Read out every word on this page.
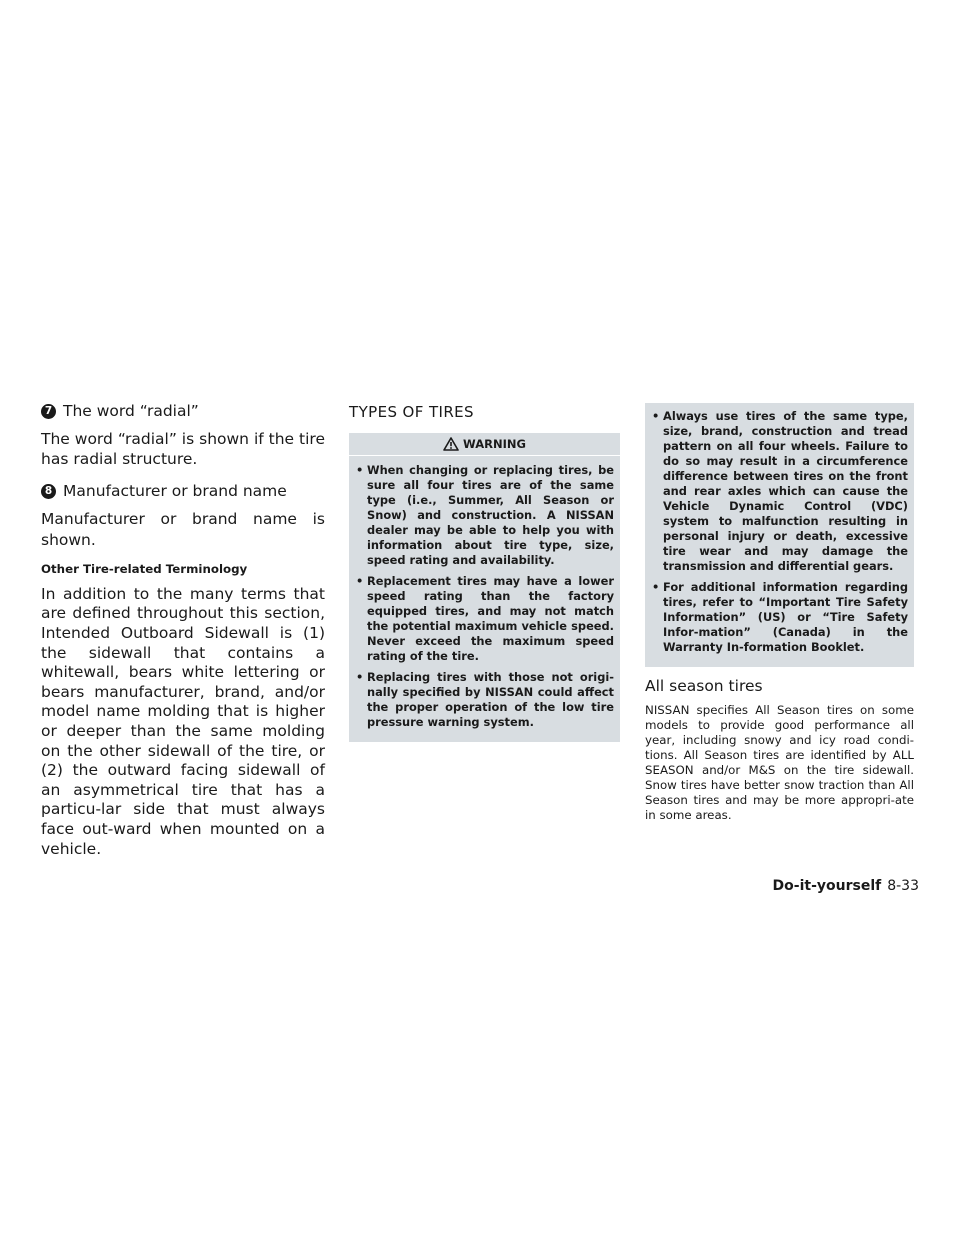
7 The word “radial”

The word “radial” is shown if the tire has radial structure.

8 Manufacturer or brand name

Manufacturer or brand name is shown.

Other Tire-related Terminology

In addition to the many terms that are defined throughout this section, Intended Outboard Sidewall is (1) the sidewall that contains a whitewall, bears white lettering or bears manufacturer, brand, and/or model name molding that is higher or deeper than the same molding on the other sidewall of the tire, or (2) the outward facing sidewall of an asymmetrical tire that has a particu-lar side that must always face out-ward when mounted on a vehicle.

TYPES OF TIRES
WARNING
• When changing or replacing tires, be sure all four tires are of the same type (i.e., Summer, All Season or Snow) and construction. A NISSAN dealer may be able to help you with information about tire type, size, speed rating and availability.
• Replacement tires may have a lower speed rating than the factory equipped tires, and may not match the potential maximum vehicle speed. Never exceed the maximum speed rating of the tire.
• Replacing tires with those not origi-nally specified by NISSAN could affect the proper operation of the low tire pressure warning system.
• Always use tires of the same type, size, brand, construction and tread pattern on all four wheels. Failure to do so may result in a circumference difference between tires on the front and rear axles which can cause the Vehicle Dynamic Control (VDC) system to malfunction resulting in personal injury or death, excessive tire wear and may damage the transmission and differential gears.
• For additional information regarding tires, refer to “Important Tire Safety Information” (US) or “Tire Safety Infor-mation” (Canada) in the Warranty In-formation Booklet.
All season tires

NISSAN specifies All Season tires on some models to provide good performance all year, including snowy and icy road condi-tions. All Season tires are identified by ALL SEASON and/or M&S on the tire sidewall. Snow tires have better snow traction than All Season tires and may be more appropri-ate in some areas.

Do-it-yourself 8-33
